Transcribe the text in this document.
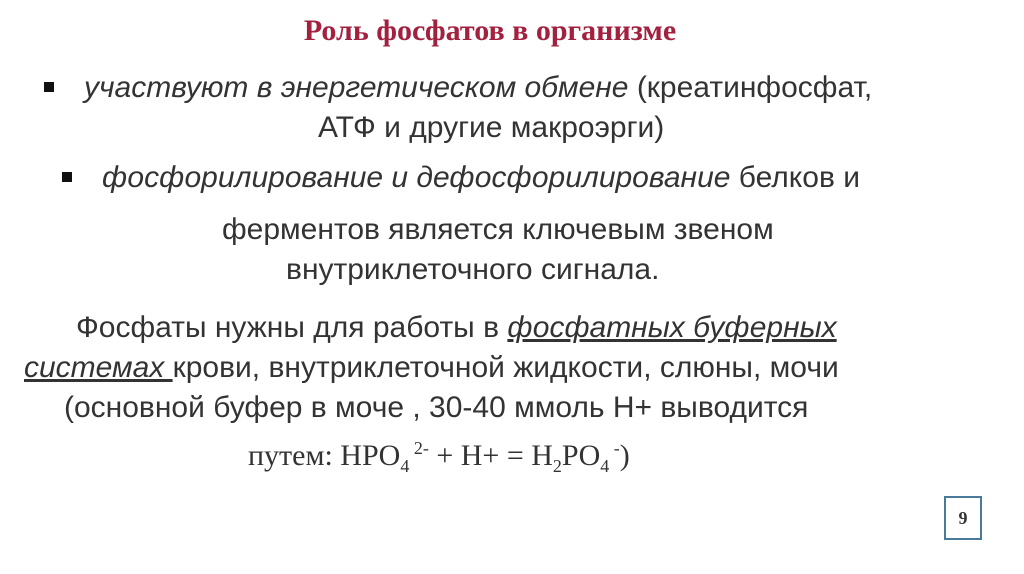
Роль фосфатов в организме
участвуют в энергетическом обмене (креатинфосфат,
АТФ и другие макроэрги)
фосфорилирование и дефосфорилирование белков и
ферментов является ключевым звеном
внутриклеточного сигнала.
Фосфаты нужны для работы в фосфатных буферных
системах крови, внутриклеточной жидкости, слюны, мочи
(основной буфер в моче , 30-40 ммоль Н+ выводится
путем: $HPO_4$ $^{2-} + H+ = H_2PO_4$ -)
9
